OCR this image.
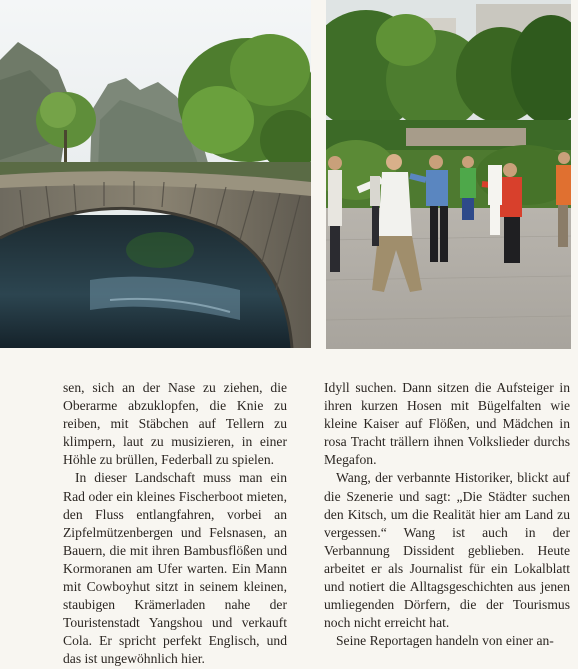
sen, sich an der Nase zu ziehen, die Oberarme abzuklopfen, die Knie zu reiben, mit Stäbchen auf Tellern zu klimpern, laut zu musizieren, in einer Höhle zu brüllen, Federball zu spielen.

In dieser Landschaft muss man ein Rad oder ein kleines Fischerboot mieten, den Fluss entlangfahren, vorbei an Zipfelmützenbergen und Felsnasen, an Bauern, die mit ihren Bambusflößen und Kormoranen am Ufer warten. Ein Mann mit Cowboyhut sitzt in seinem kleinen, staubigen Krämerladen nahe der Touristenstadt Yangshou und verkauft Cola. Er spricht perfekt Englisch, und das ist ungewöhnlich hier.

Idyll suchen. Dann sitzen die Aufsteiger in ihren kurzen Hosen mit Bügelfalten wie kleine Kaiser auf Flößen, und Mädchen in rosa Tracht trällern ihnen Volkslieder durchs Megafon.

Wang, der verbannte Historiker, blickt auf die Szenerie und sagt: „Die Städter suchen den Kitsch, um die Realität hier am Land zu vergessen.“ Wang ist auch in der Verbannung Dissident geblieben. Heute arbeitet er als Journalist für ein Lokalblatt und notiert die Alltagsgeschichten aus jenen umliegenden Dörfern, die der Tourismus noch nicht erreicht hat.

Seine Reportagen handeln von einer an-
